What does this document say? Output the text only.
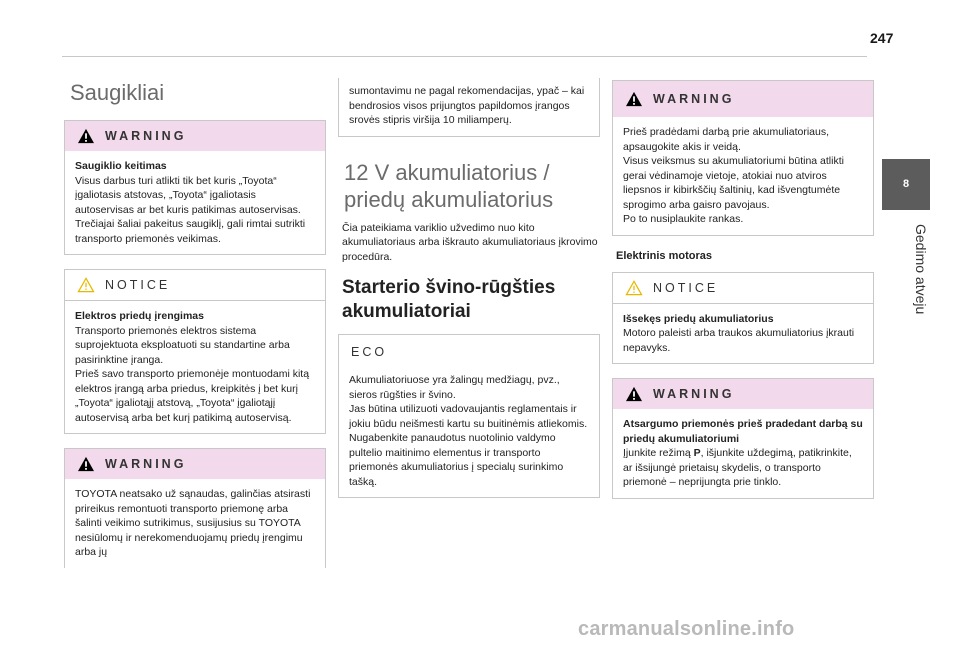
247
8
Gedimo atveju
Saugikliai
WARNING
Saugiklio keitimas
Visus darbus turi atlikti tik bet kuris „Toyota“ įgaliotasis atstovas, „Toyota“ įgaliotasis autoservisas ar bet kuris patikimas autoservisas.
Trečiajai šaliai pakeitus saugiklį, gali rimtai sutrikti transporto priemonės veikimas.
NOTICE
Elektros priedų įrengimas
Transporto priemonės elektros sistema suprojektuota eksploatuoti su standartine arba pasirinktine įranga.
Prieš savo transporto priemonėje montuodami kitą elektros įrangą arba priedus, kreipkitės į bet kurį „Toyota“ įgaliotąjį atstovą, „Toyota“ įgaliotąjį autoservisą arba bet kurį patikimą autoservisą.
WARNING
TOYOTA neatsako už sąnaudas, galinčias atsirasti prireikus remontuoti transporto priemonę arba šalinti veikimo sutrikimus, susijusius su TOYOTA nesiūlomų ir nerekomenduojamų priedų įrengimu arba jų
sumontavimu ne pagal rekomendacijas, ypač – kai bendrosios visos prijungtos papildomos įrangos srovės stipris viršija 10 miliamperų.
12 V akumuliatorius / priedų akumuliatorius

Čia pateikiama variklio užvedimo nuo kito akumuliatoriaus arba iškrauto akumuliatoriaus įkrovimo procedūra.

Starterio švino-rūgšties akumuliatoriai
ECO
Akumuliatoriuose yra žalingų medžiagų, pvz., sieros rūgšties ir švino.
Jas būtina utilizuoti vadovaujantis reglamentais ir jokiu būdu neišmesti kartu su buitinėmis atliekomis.
Nugabenkite panaudotus nuotolinio valdymo pultelio maitinimo elementus ir transporto priemonės akumuliatorius į specialų surinkimo tašką.
WARNING
Prieš pradėdami darbą prie akumuliatoriaus, apsaugokite akis ir veidą.
Visus veiksmus su akumuliatoriumi būtina atlikti gerai vėdinamoje vietoje, atokiai nuo atviros liepsnos ir kibirkščių šaltinių, kad išvengtumėte sprogimo arba gaisro pavojaus.
Po to nusiplaukite rankas.
Elektrinis motoras
NOTICE
Išsekęs priedų akumuliatorius
Motoro paleisti arba traukos akumuliatorius įkrauti nepavyks.
WARNING
Atsargumo priemonės prieš pradedant darbą su priedų akumuliatoriumi
Įjunkite režimą P, išjunkite uždegimą, patikrinkite, ar išsijungė prietaisų skydelis, o transporto priemonė – neprijungta prie tinklo.
carmanualsonline.info
